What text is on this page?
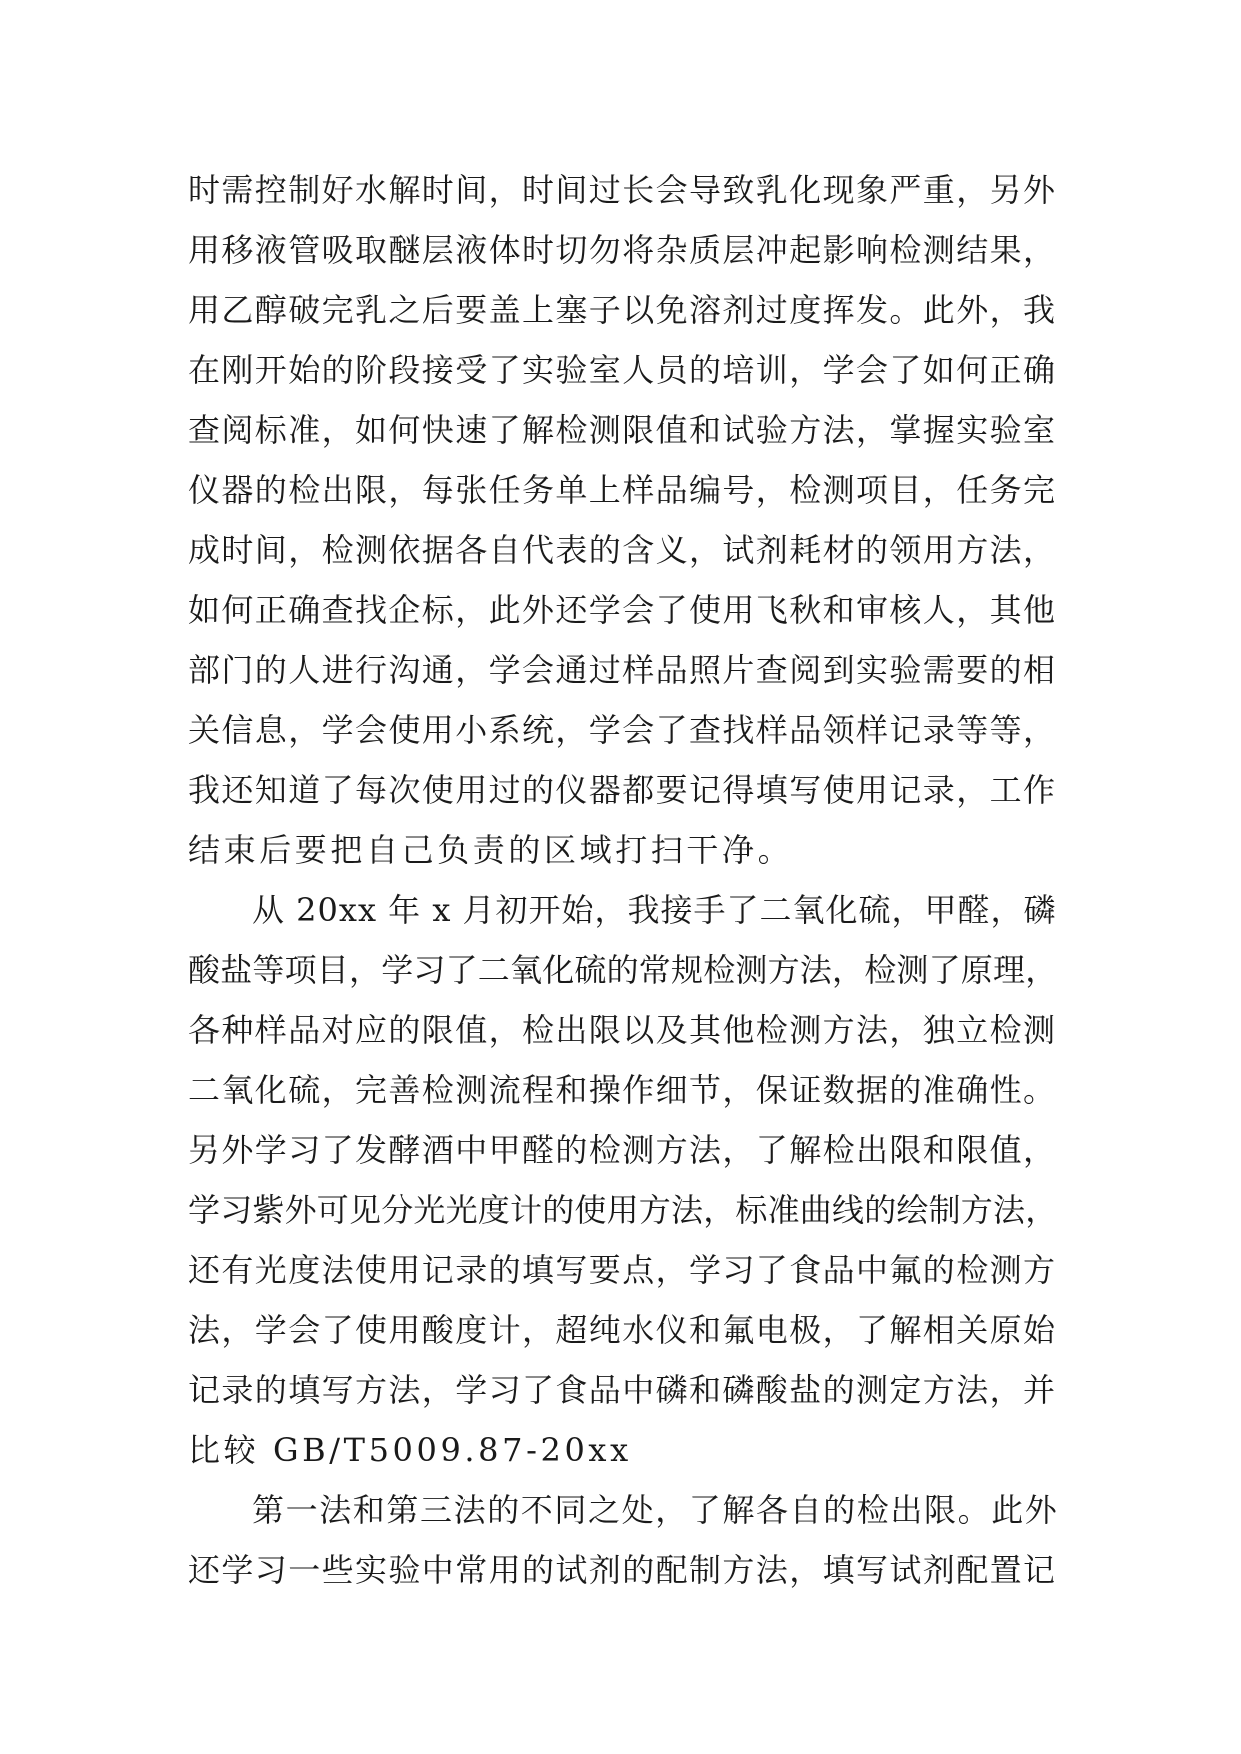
时需控制好水解时间，时间过长会导致乳化现象严重，另外
用移液管吸取醚层液体时切勿将杂质层冲起影响检测结果，
用乙醇破完乳之后要盖上塞子以免溶剂过度挥发。此外，我
在刚开始的阶段接受了实验室人员的培训，学会了如何正确
查阅标准，如何快速了解检测限值和试验方法，掌握实验室
仪器的检出限，每张任务单上样品编号，检测项目，任务完
成时间，检测依据各自代表的含义，试剂耗材的领用方法，
如何正确查找企标，此外还学会了使用飞秋和审核人，其他
部门的人进行沟通，学会通过样品照片查阅到实验需要的相
关信息，学会使用小系统，学会了查找样品领样记录等等，
我还知道了每次使用过的仪器都要记得填写使用记录，工作
结束后要把自己负责的区域打扫干净。
从 20xx 年 x 月初开始，我接手了二氧化硫，甲醛，磷
酸盐等项目，学习了二氧化硫的常规检测方法，检测了原理，
各种样品对应的限值，检出限以及其他检测方法，独立检测
二氧化硫，完善检测流程和操作细节，保证数据的准确性。
另外学习了发酵酒中甲醛的检测方法，了解检出限和限值，
学习紫外可见分光光度计的使用方法，标准曲线的绘制方法，
还有光度法使用记录的填写要点，学习了食品中氟的检测方
法，学会了使用酸度计，超纯水仪和氟电极，了解相关原始
记录的填写方法，学习了食品中磷和磷酸盐的测定方法，并
比较 GB/T5009.87-20xx
第一法和第三法的不同之处，了解各自的检出限。此外
还学习一些实验中常用的试剂的配制方法，填写试剂配置记
